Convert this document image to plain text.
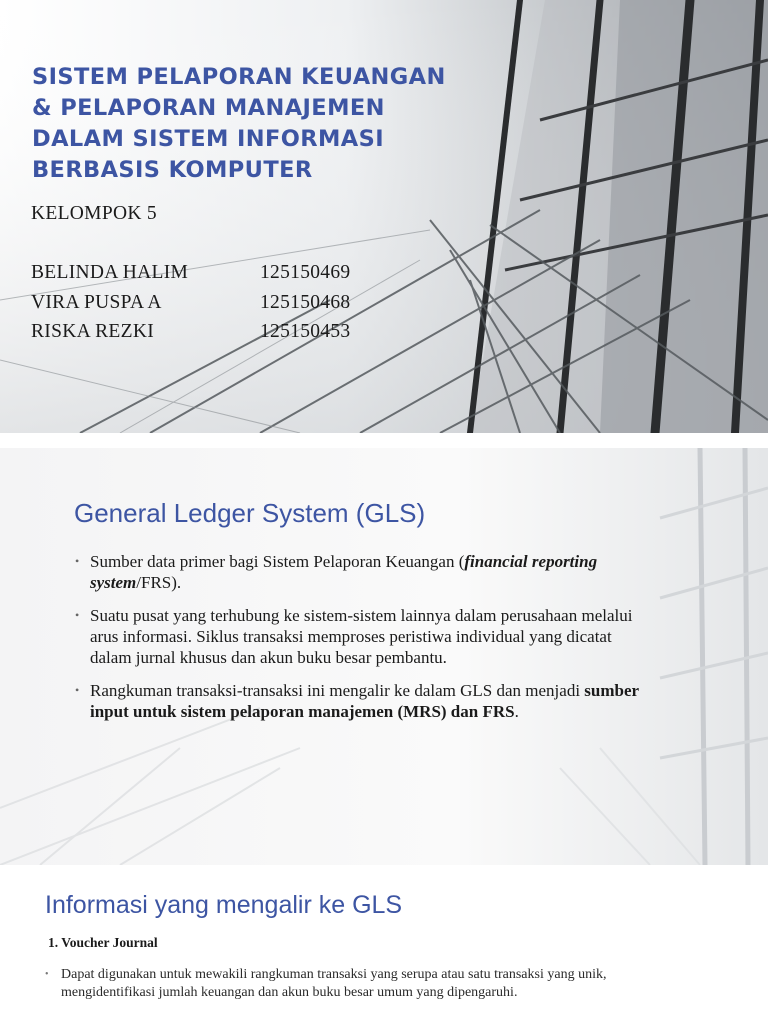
SISTEM PELAPORAN KEUANGAN & PELAPORAN MANAJEMEN DALAM SISTEM INFORMASI BERBASIS KOMPUTER

KELOMPOK 5

BELINDA HALIM	125150469
VIRA PUSPA A	125150468
RISKA REZKI	125150453
General Ledger System (GLS)
• Sumber data primer bagi Sistem Pelaporan Keuangan (financial reporting system/FRS).
• Suatu pusat yang terhubung ke sistem-sistem lainnya dalam perusahaan melalui arus informasi. Siklus transaksi memproses peristiwa individual yang dicatat dalam jurnal khusus dan akun buku besar pembantu.
• Rangkuman transaksi-transaksi ini mengalir ke dalam GLS dan menjadi sumber input untuk sistem pelaporan manajemen (MRS) dan FRS.
Informasi yang mengalir ke GLS

1. Voucher Journal

• Dapat digunakan untuk mewakili rangkuman transaksi yang serupa atau satu transaksi yang unik, mengidentifikasi jumlah keuangan dan akun buku besar umum yang dipengaruhi.
